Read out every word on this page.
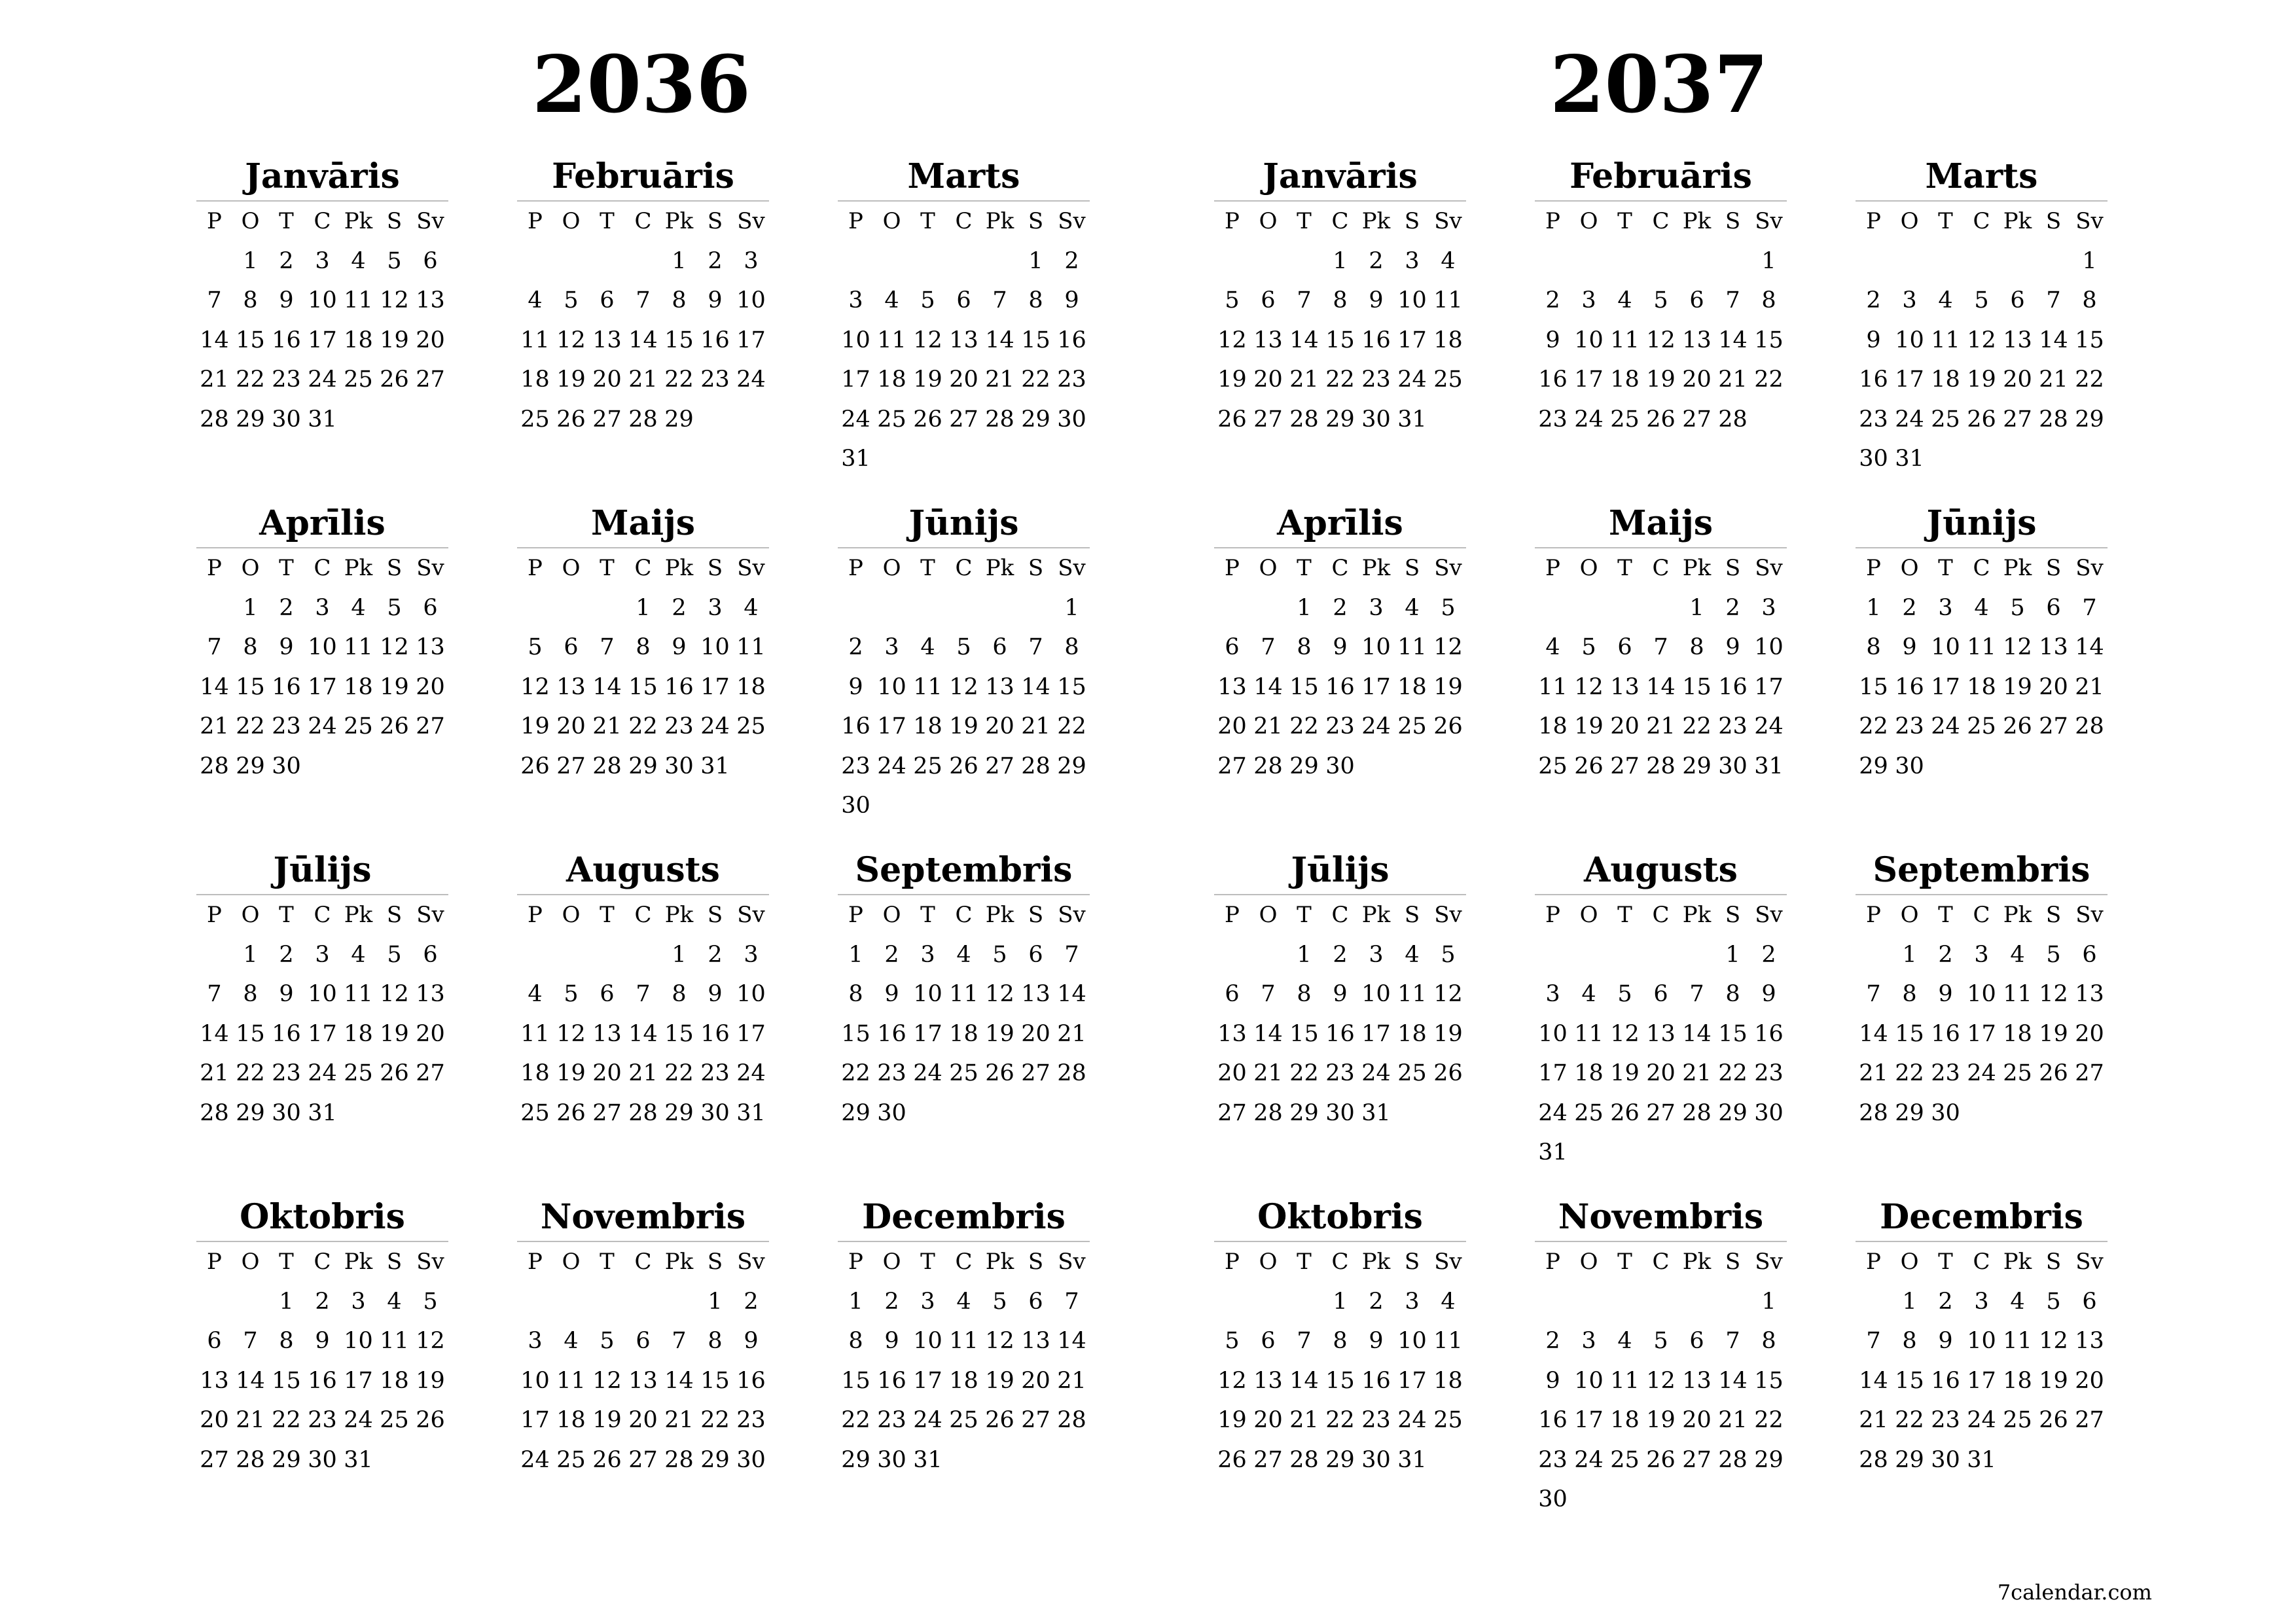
2036
Janvāris
P O T C Pk S Sv
1 2 3 4 5 6
7 8 9 10 11 12 13
14 15 16 17 18 19 20
21 22 23 24 25 26 27
28 29 30 31
Februāris
P O T C Pk S Sv
1 2 3
4 5 6 7 8 9 10
11 12 13 14 15 16 17
18 19 20 21 22 23 24
25 26 27 28 29
Marts
P O T C Pk S Sv
1 2
3 4 5 6 7 8 9
10 11 12 13 14 15 16
17 18 19 20 21 22 23
24 25 26 27 28 29 30
31
Aprīlis
P O T C Pk S Sv
1 2 3 4 5 6
7 8 9 10 11 12 13
14 15 16 17 18 19 20
21 22 23 24 25 26 27
28 29 30
Maijs
P O T C Pk S Sv
1 2 3 4
5 6 7 8 9 10 11
12 13 14 15 16 17 18
19 20 21 22 23 24 25
26 27 28 29 30 31
Jūnijs
P O T C Pk S Sv
1
2 3 4 5 6 7 8
9 10 11 12 13 14 15
16 17 18 19 20 21 22
23 24 25 26 27 28 29
30
Jūlijs
P O T C Pk S Sv
1 2 3 4 5 6
7 8 9 10 11 12 13
14 15 16 17 18 19 20
21 22 23 24 25 26 27
28 29 30 31
Augusts
P O T C Pk S Sv
1 2 3
4 5 6 7 8 9 10
11 12 13 14 15 16 17
18 19 20 21 22 23 24
25 26 27 28 29 30 31
Septembris
P O T C Pk S Sv
1 2 3 4 5 6 7
8 9 10 11 12 13 14
15 16 17 18 19 20 21
22 23 24 25 26 27 28
29 30
Oktobris
P O T C Pk S Sv
1 2 3 4 5
6 7 8 9 10 11 12
13 14 15 16 17 18 19
20 21 22 23 24 25 26
27 28 29 30 31
Novembris
P O T C Pk S Sv
1 2
3 4 5 6 7 8 9
10 11 12 13 14 15 16
17 18 19 20 21 22 23
24 25 26 27 28 29 30
Decembris
P O T C Pk S Sv
1 2 3 4 5 6 7
8 9 10 11 12 13 14
15 16 17 18 19 20 21
22 23 24 25 26 27 28
29 30 31
2037
Janvāris
P O T C Pk S Sv
1 2 3 4
5 6 7 8 9 10 11
12 13 14 15 16 17 18
19 20 21 22 23 24 25
26 27 28 29 30 31
Februāris
P O T C Pk S Sv
1
2 3 4 5 6 7 8
9 10 11 12 13 14 15
16 17 18 19 20 21 22
23 24 25 26 27 28
Marts
P O T C Pk S Sv
1
2 3 4 5 6 7 8
9 10 11 12 13 14 15
16 17 18 19 20 21 22
23 24 25 26 27 28 29
30 31
Aprīlis
P O T C Pk S Sv
1 2 3 4 5
6 7 8 9 10 11 12
13 14 15 16 17 18 19
20 21 22 23 24 25 26
27 28 29 30
Maijs
P O T C Pk S Sv
1 2 3
4 5 6 7 8 9 10
11 12 13 14 15 16 17
18 19 20 21 22 23 24
25 26 27 28 29 30 31
Jūnijs
P O T C Pk S Sv
1 2 3 4 5 6 7
8 9 10 11 12 13 14
15 16 17 18 19 20 21
22 23 24 25 26 27 28
29 30
Jūlijs
P O T C Pk S Sv
1 2 3 4 5
6 7 8 9 10 11 12
13 14 15 16 17 18 19
20 21 22 23 24 25 26
27 28 29 30 31
Augusts
P O T C Pk S Sv
1 2
3 4 5 6 7 8 9
10 11 12 13 14 15 16
17 18 19 20 21 22 23
24 25 26 27 28 29 30
31
Septembris
P O T C Pk S Sv
1 2 3 4 5 6
7 8 9 10 11 12 13
14 15 16 17 18 19 20
21 22 23 24 25 26 27
28 29 30
Oktobris
P O T C Pk S Sv
1 2 3 4
5 6 7 8 9 10 11
12 13 14 15 16 17 18
19 20 21 22 23 24 25
26 27 28 29 30 31
Novembris
P O T C Pk S Sv
1
2 3 4 5 6 7 8
9 10 11 12 13 14 15
16 17 18 19 20 21 22
23 24 25 26 27 28 29
30
Decembris
P O T C Pk S Sv
1 2 3 4 5 6
7 8 9 10 11 12 13
14 15 16 17 18 19 20
21 22 23 24 25 26 27
28 29 30 31
7calendar.com
